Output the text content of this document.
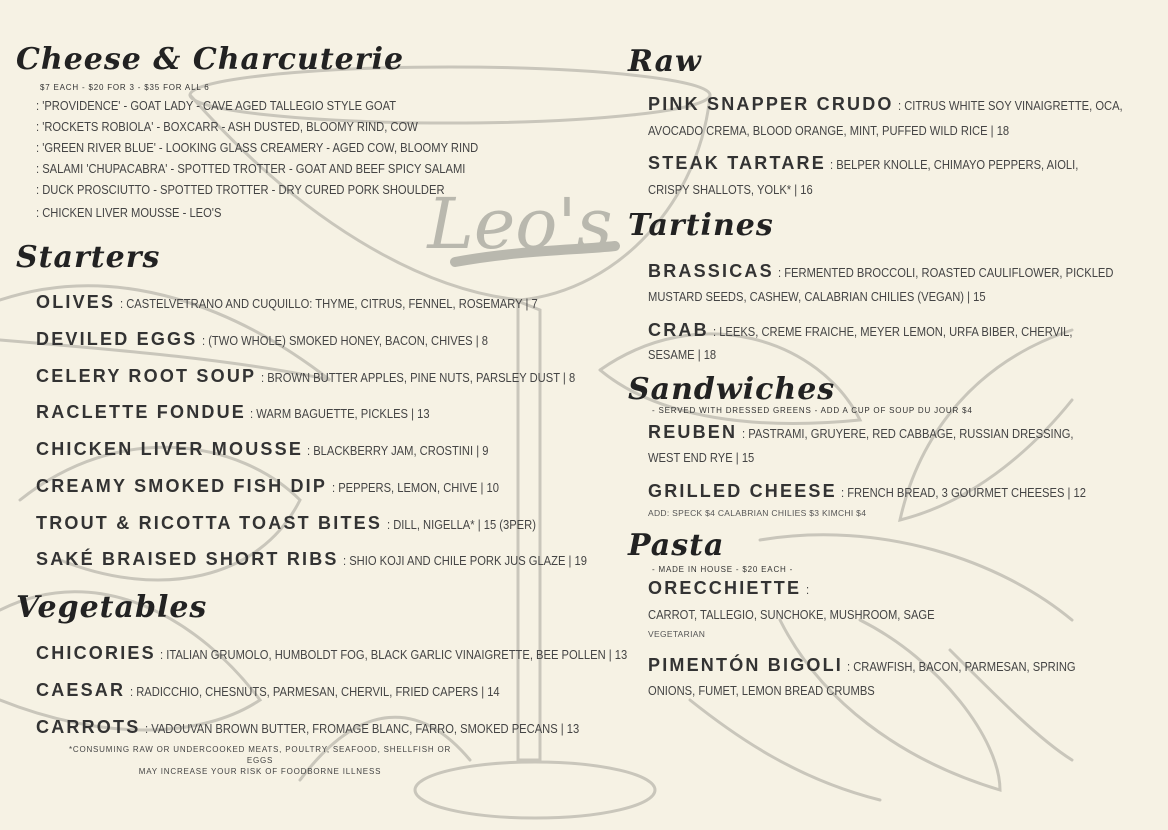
Leo's
Cheese & Charcuterie
$7 EACH - $20 FOR 3 - $35 FOR ALL 6
: 'PROVIDENCE' - GOAT LADY - CAVE AGED TALLEGIO STYLE GOAT
: 'ROCKETS ROBIOLA' - BOXCARR - ASH DUSTED, BLOOMY RIND, COW
: 'GREEN RIVER BLUE' - LOOKING GLASS CREAMERY - AGED COW, BLOOMY RIND
: SALAMI 'CHUPACABRA' - SPOTTED TROTTER - GOAT AND BEEF SPICY SALAMI
: DUCK PROSCIUTTO - SPOTTED TROTTER - DRY CURED PORK SHOULDER
: CHICKEN LIVER MOUSSE - LEO'S
Starters
OLIVES : CASTELVETRANO AND CUQUILLO: THYME, CITRUS, FENNEL, ROSEMARY | 7
DEVILED EGGS : (TWO WHOLE) SMOKED HONEY, BACON, CHIVES | 8
CELERY ROOT SOUP : BROWN BUTTER APPLES, PINE NUTS, PARSLEY DUST | 8
RACLETTE FONDUE : WARM BAGUETTE, PICKLES | 13
CHICKEN LIVER MOUSSE : BLACKBERRY JAM, CROSTINI | 9
CREAMY SMOKED FISH DIP : PEPPERS, LEMON, CHIVE | 10
TROUT & RICOTTA TOAST BITES : DILL, NIGELLA* | 15 (3PER)
SAKÉ BRAISED SHORT RIBS : SHIO KOJI AND CHILE PORK JUS GLAZE | 19
Vegetables
CHICORIES : ITALIAN GRUMOLO, HUMBOLDT FOG, BLACK GARLIC VINAIGRETTE, BEE POLLEN | 13
CAESAR : RADICCHIO, CHESNUTS, PARMESAN, CHERVIL, FRIED CAPERS | 14
CARROTS : VADOUVAN BROWN BUTTER, FROMAGE BLANC, FARRO, SMOKED PECANS | 13
*CONSUMING RAW OR UNDERCOOKED MEATS, POULTRY, SEAFOOD, SHELLFISH OR EGGS
MAY INCREASE YOUR RISK OF FOODBORNE ILLNESS
Raw
PINK SNAPPER CRUDO : CITRUS WHITE SOY VINAIGRETTE, OCA,
AVOCADO CREMA, BLOOD ORANGE, MINT, PUFFED WILD RICE | 18
STEAK TARTARE : BELPER KNOLLE, CHIMAYO PEPPERS, AIOLI,
CRISPY SHALLOTS, YOLK* | 16
Tartines
BRASSICAS : FERMENTED BROCCOLI, ROASTED CAULIFLOWER, PICKLED
MUSTARD SEEDS, CASHEW, CALABRIAN CHILIES (VEGAN) | 15
CRAB : LEEKS, CREME FRAICHE, MEYER LEMON, URFA BIBER, CHERVIL,
SESAME | 18
Sandwiches
- SERVED WITH DRESSED GREENS - ADD A CUP OF SOUP DU JOUR $4
REUBEN : PASTRAMI, GRUYERE, RED CABBAGE, RUSSIAN DRESSING,
WEST END RYE | 15
GRILLED CHEESE : FRENCH BREAD, 3 GOURMET CHEESES | 12
ADD: SPECK $4 CALABRIAN CHILIES $3 KIMCHI $4
Pasta
- MADE IN HOUSE - $20 EACH -
ORECCHIETTE :
CARROT, TALLEGIO, SUNCHOKE, MUSHROOM, SAGE
VEGETARIAN
PIMENTÓN BIGOLI : CRAWFISH, BACON, PARMESAN, SPRING
ONIONS, FUMET, LEMON BREAD CRUMBS
